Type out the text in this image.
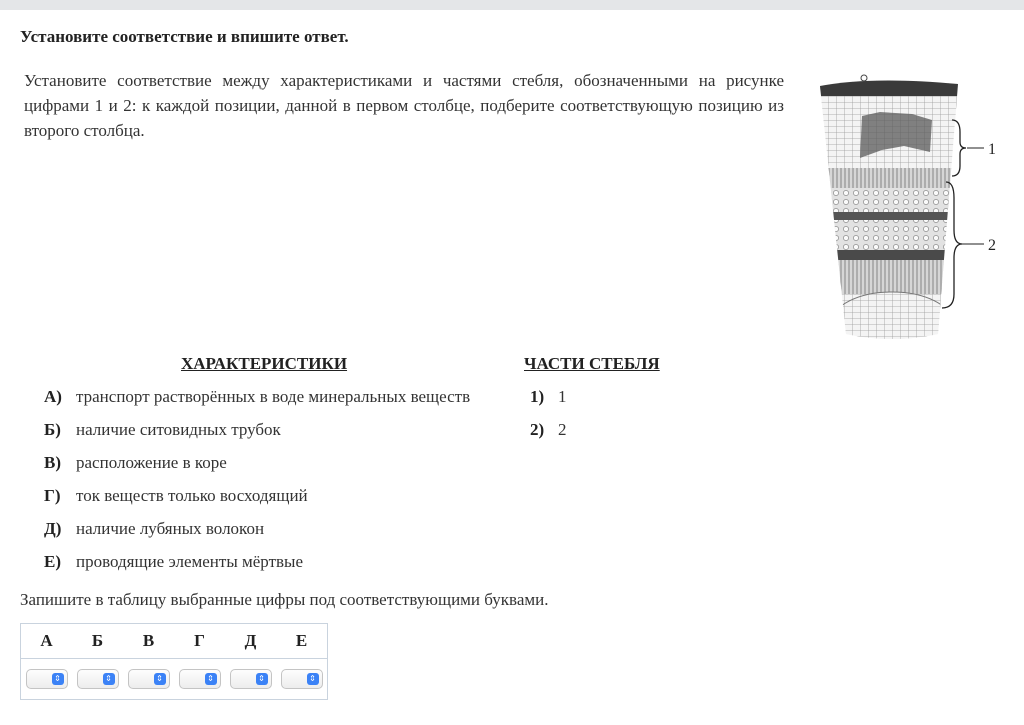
Установите соответствие и впишите ответ.
Установите соответствие между характеристиками и частями стебля, обозначенными на рисунке цифрами 1 и 2: к каждой позиции, данной в первом столбце, подберите соответствующую позицию из второго столбца.
1
2
ХАРАКТЕРИСТИКИ	ЧАСТИ СТЕБЛЯ
А) транспорт растворённых в воде минеральных веществ
Б) наличие ситовидных трубок
В) расположение в коре
Г) ток веществ только восходящий
Д) наличие лубяных волокон
Е) проводящие элементы мёртвые
1) 1
2) 2
Запишите в таблицу выбранные цифры под соответствующими буквами.
А	Б	В	Г	Д	Е

⇕	⇕	⇕	⇕	⇕	⇕
